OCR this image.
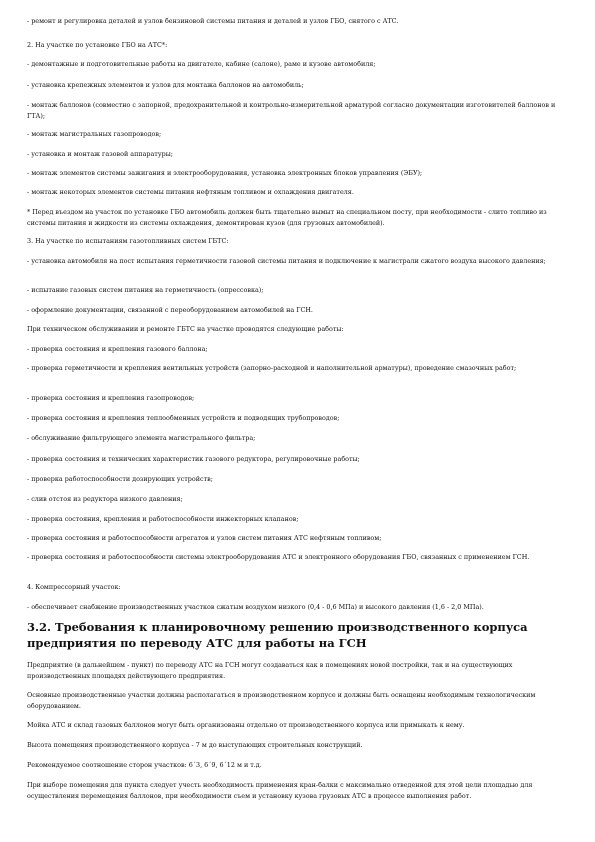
- ремонт и регулировка деталей и узлов бензиновой системы питания и деталей и узлов ГБО, снятого с АТС.

2. На участке по установке ГБО на АТС*:

- демонтажные и подготовительные работы на двигателе, кабине (салоне), раме и кузове автомобиля;

- установка крепежных элементов и узлов для монтажа баллонов на автомобиль;

- монтаж баллонов (совместно с запорной, предохранительной и контрольно-измерительной арматурой согласно документации изготовителей баллонов и ГТА);

- монтаж магистральных газопроводов;

- установка и монтаж газовой аппаратуры;

- монтаж элементов системы зажигания и электрооборудования, установка электронных блоков управления (ЭБУ);

- монтаж некоторых элементов системы питания нефтяным топливом и охлаждения двигателя.

* Перед въездом на участок по установке ГБО автомобиль должен быть тщательно вымыт на специальном посту, при необходимости - слито топливо из системы питания и жидкости из системы охлаждения, демонтирован кузов (для грузовых автомобилей).

3. На участке по испытаниям газотопливных систем ГБТС:

- установка автомобиля на пост испытания герметичности газовой системы питания и подключение к магистрали сжатого воздуха высокого давления;

- испытание газовых систем питания на герметичность (опрессовка);

- оформление документации, связанной с переоборудованием автомобилей на ГСН.

При техническом обслуживании и ремонте ГБТС на участке проводятся следующие работы:

- проверка состояния и крепления газового баллона;

- проверка герметичности и крепления вентильных устройств (запорно-расходной и наполнительной арматуры), проведение смазочных работ;

- проверка состояния и крепления газопроводов;

- проверка состояния и крепления теплообменных устройств и подводящих трубопроводов;

- обслуживание фильтрующего элемента магистрального фильтра;

- проверка состояния и технических характеристик газового редуктора, регулировочные работы;

- проверка работоспособности дозирующих устройств;

- слив отстоя из редуктора низкого давления;

- проверка состояния, крепления и работоспособности инжекторных клапанов;

- проверка состояния и работоспособности агрегатов и узлов систем питания АТС нефтяным топливом;

- проверка состояния и работоспособности системы электрооборудования АТС и электронного оборудования ГБО, связанных с применением ГСН.

4. Компрессорный участок:

- обеспечивает снабжение производственных участков сжатым воздухом низкого (0,4 - 0,6 МПа) и высокого давления (1,6 - 2,0 МПа).

3.2. Требования к планировочному решению производственного корпуса предприятия по переводу АТС для работы на ГСН

Предприятие (в дальнейшем - пункт) по переводу АТС на ГСН могут создаваться как в помещениях новой постройки, так и на существующих производственных площадях действующего предприятия.

Основные производственные участки должны располагаться в производственном корпусе и должны быть оснащены необходимым технологическим оборудованием.

Мойка АТС и склад газовых баллонов могут быть организованы отдельно от производственного корпуса или примыкать к нему.

Высота помещения производственного корпуса - 7 м до выступающих строительных конструкций.

Рекомендуемое соотношение сторон участков: 6´3, 6´9, 6´12 м и т.д.

При выборе помещения для пункта следует учесть необходимость применения кран-балки с максимально отведенной для этой цели площадью для осуществления перемещения баллонов, при необходимости съем и установку кузова грузовых АТС в процессе выполнения работ.
